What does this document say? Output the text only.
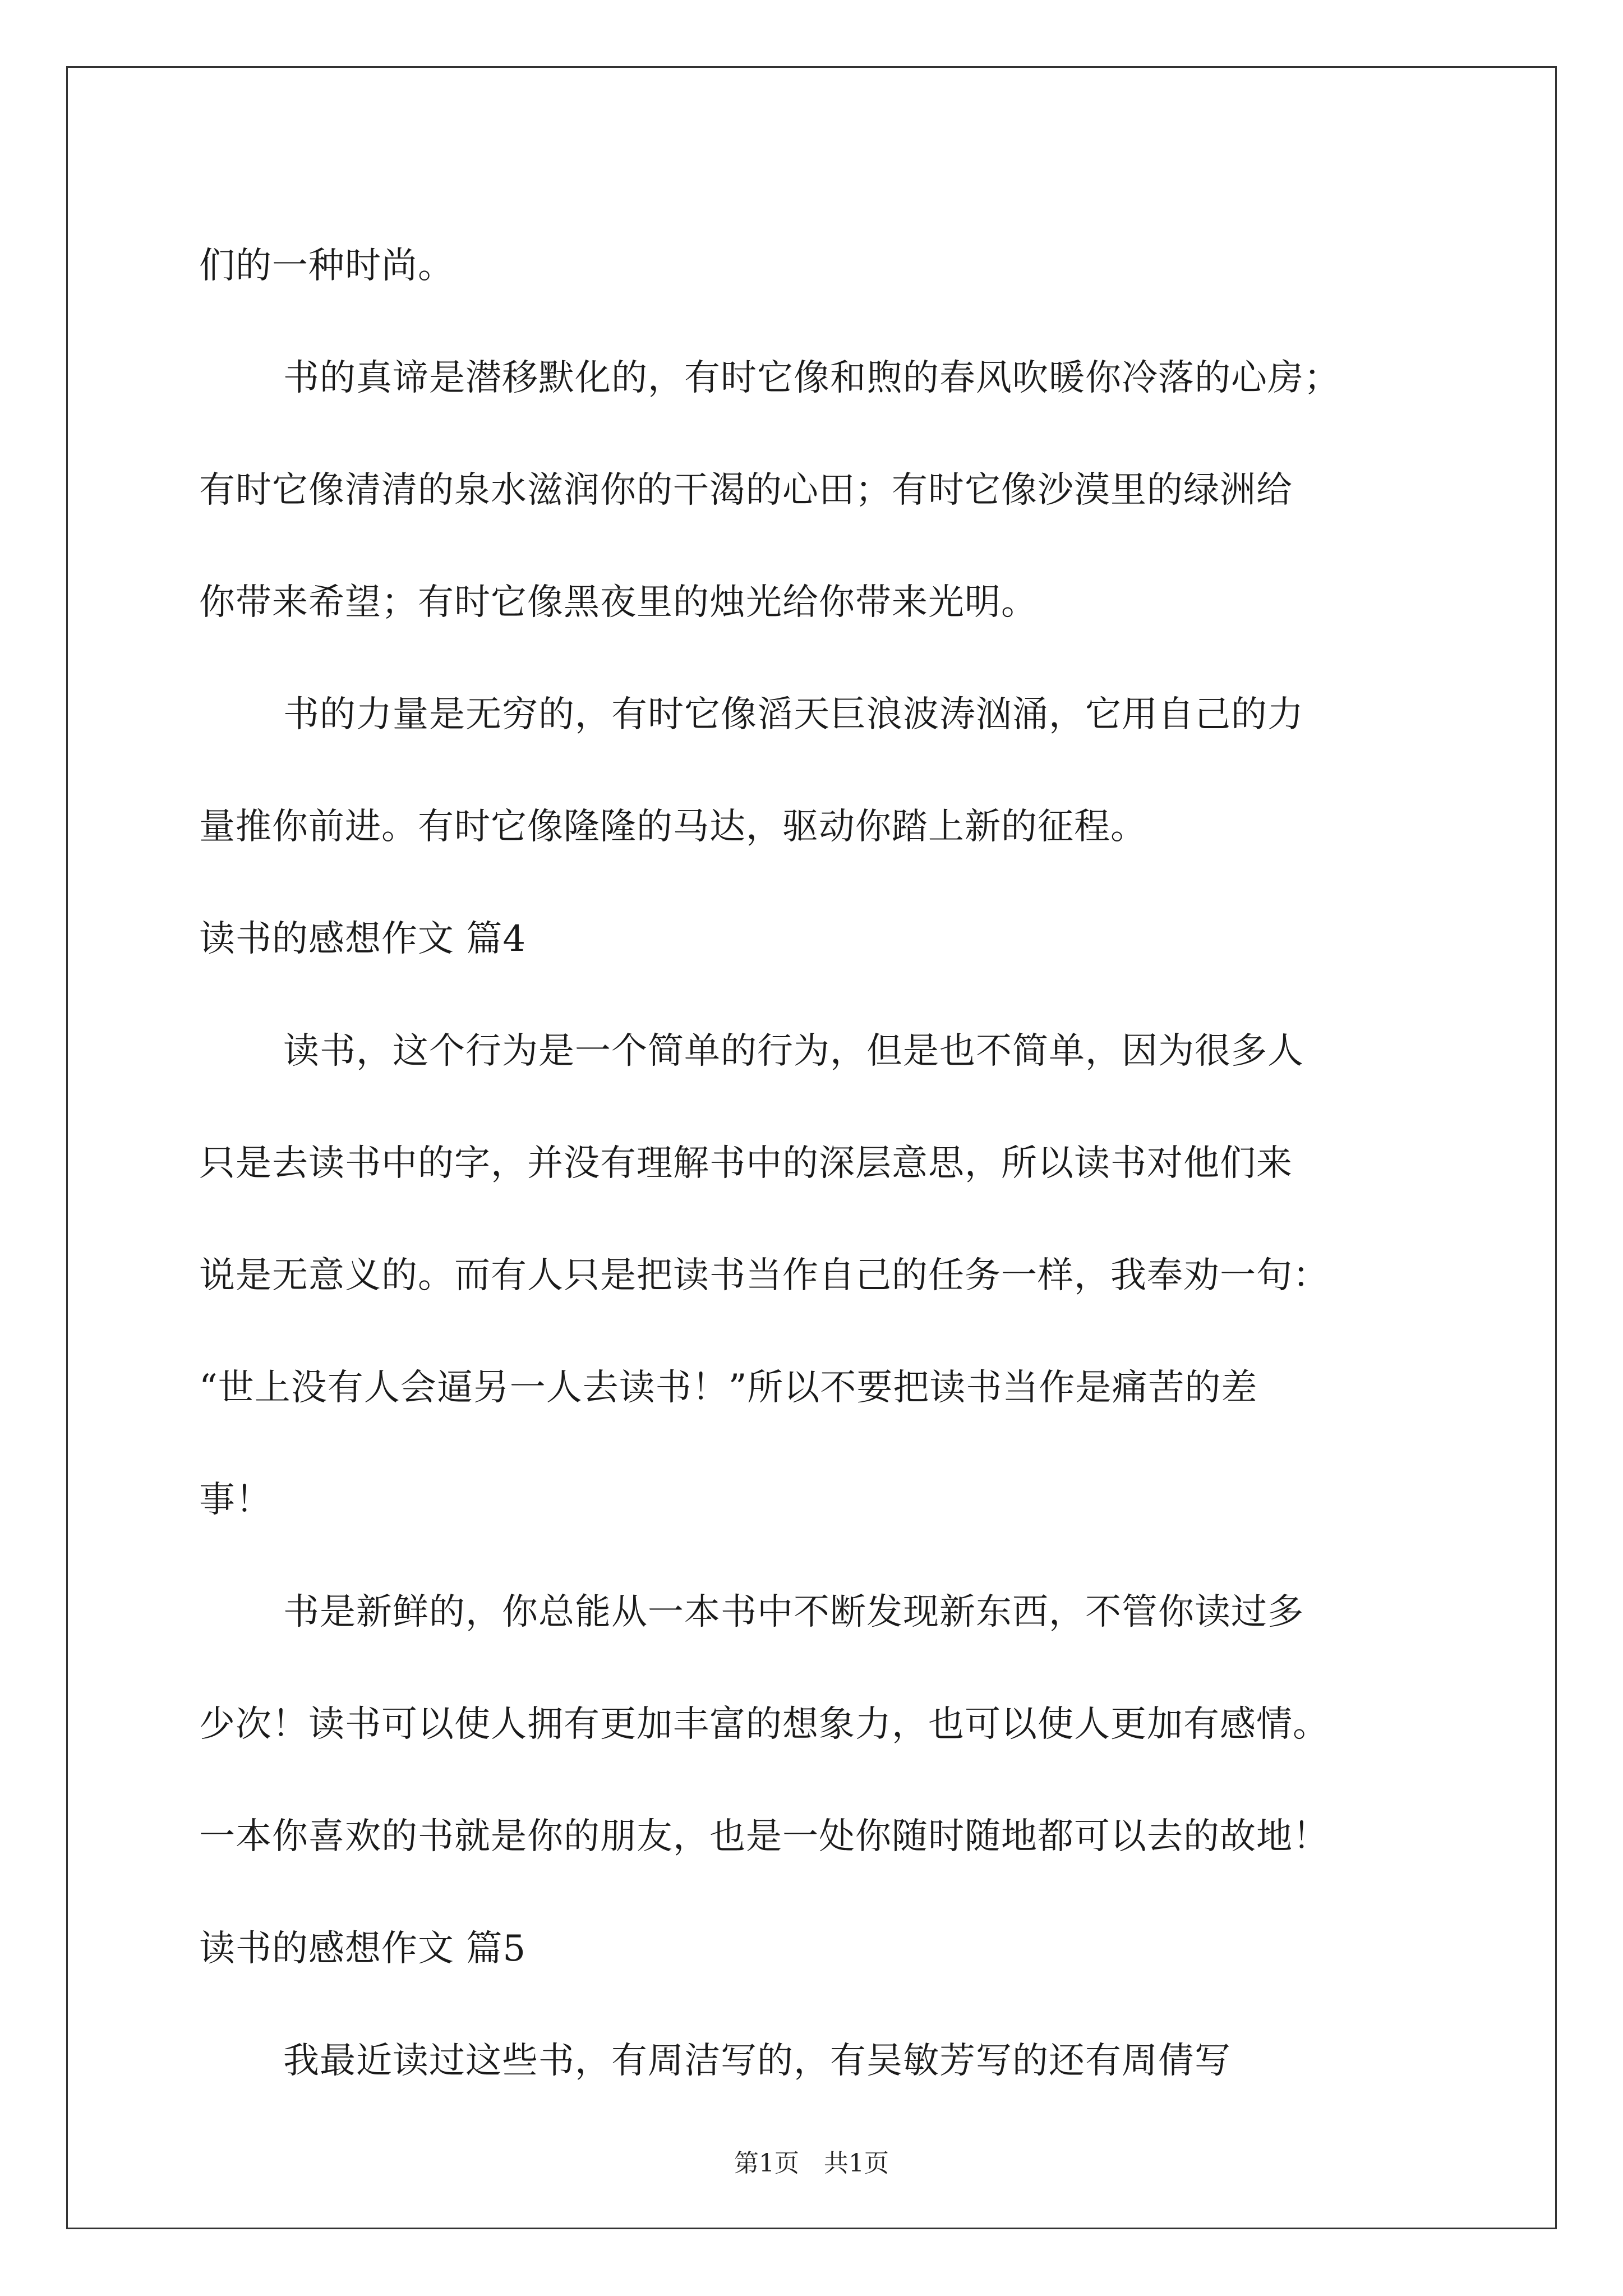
们的一种时尚。
书的真谛是潜移默化的，有时它像和煦的春风吹暖你冷落的心房；
有时它像清清的泉水滋润你的干渴的心田；有时它像沙漠里的绿洲给
你带来希望；有时它像黑夜里的烛光给你带来光明。
书的力量是无穷的，有时它像滔天巨浪波涛汹涌，它用自己的力
量推你前进。有时它像隆隆的马达，驱动你踏上新的征程。
读书的感想作文 篇4
读书，这个行为是一个简单的行为，但是也不简单，因为很多人
只是去读书中的字，并没有理解书中的深层意思，所以读书对他们来
说是无意义的。而有人只是把读书当作自己的任务一样，我奉劝一句：
“世上没有人会逼另一人去读书！”所以不要把读书当作是痛苦的差
事！
书是新鲜的，你总能从一本书中不断发现新东西，不管你读过多
少次！读书可以使人拥有更加丰富的想象力，也可以使人更加有感情。
一本你喜欢的书就是你的朋友，也是一处你随时随地都可以去的故地！
读书的感想作文 篇5
我最近读过这些书，有周洁写的，有吴敏芳写的还有周倩写
第1页　共1页
